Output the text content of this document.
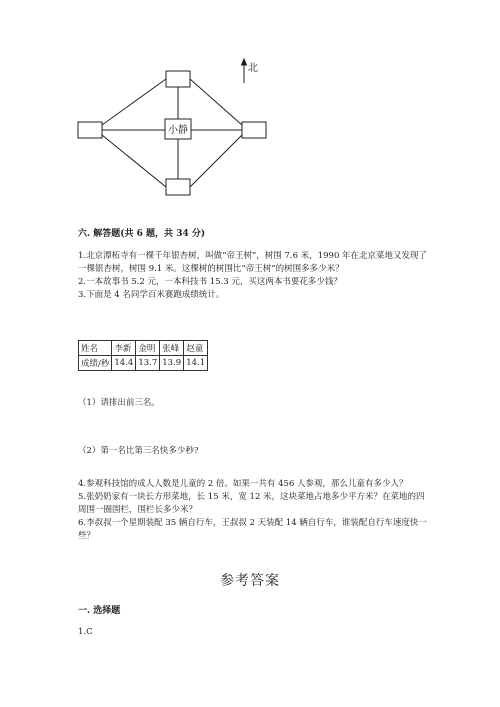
小静
北
六. 解答题(共 6 题，共 34 分)

1.北京潭柘寺有一棵千年银杏树，叫做“帝王树”，树围 7.6 米，1990 年在北京菜地又发现了一棵银杏树，树围 9.1 米。这棵树的树围比“帝王树”的树围多多少米？

2.一本故事书 5.2 元，一本科技书 15.3 元，买这两本书要花多少钱？

3.下面是 4 名同学百米赛跑成绩统计。

姓名	李新	金明	张峰	赵童
成绩/秒	14.4	13.7	13.9	14.1
（1）请排出前三名。
（2）第一名比第三名快多少秒?

4.参观科技馆的成人人数是儿童的 2 倍。如果一共有 456 人参观，那么儿童有多少人？

5.张奶奶家有一块长方形菜地，长 15 米，宽 12 米，这块菜地占地多少平方米？在菜地的四周围一圈围栏，围栏长多少米？

6.李叔叔一个星期装配 35 辆自行车，王叔叔 2 天装配 14 辆自行车，谁装配自行车速度快一些？

参考答案
一. 选择题
1.C
